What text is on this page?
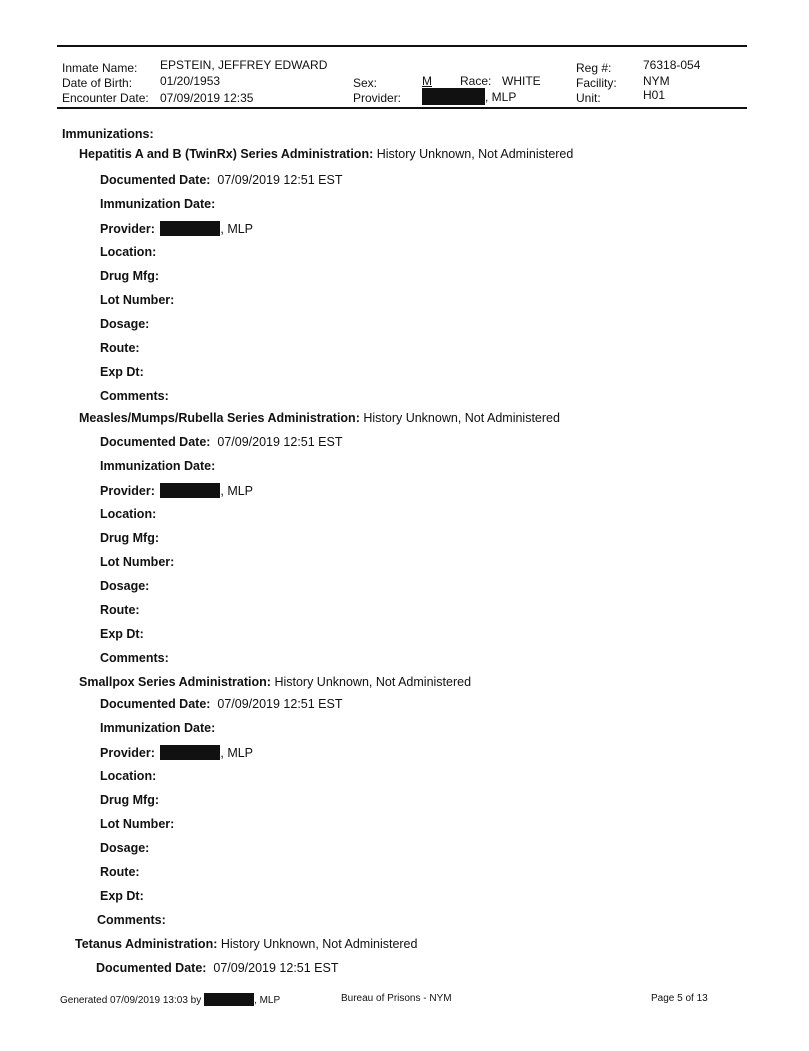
Inmate Name: EPSTEIN, JEFFREY EDWARD
Date of Birth: 01/20/1953
Encounter Date: 07/09/2019 12:35
Sex:	M Race: WHITE
Provider:	, MLP
Reg #:	76318-054
Facility: NYM
Unit:	H01
Immunizations:
Hepatitis A and B (TwinRx) Series Administration: History Unknown, Not Administered
Documented Date: 07/09/2019 12:51 EST
Immunization Date:
Provider:	, MLP
Location:
Drug Mfg:
Lot Number:
Dosage:
Route:
Exp Dt:
Comments:
Measles/Mumps/Rubella Series Administration: History Unknown, Not Administered
Documented Date: 07/09/2019 12:51 EST
Immunization Date:
Provider:	, MLP
Location:
Drug Mfg:
Lot Number:
Dosage:
Route:
Exp Dt:
Comments:
Smallpox Series Administration: History Unknown, Not Administered
Documented Date: 07/09/2019 12:51 EST
Immunization Date:
Provider:	, MLP
Location:
Drug Mfg:
Lot Number:
Dosage:
Route:
Exp Dt:
Comments:
Tetanus Administration: History Unknown, Not Administered
Documented Date: 07/09/2019 12:51 EST
Generated 07/09/2019 13:03 by	, MLP	Bureau of Prisons - NYM	Page 5 of 13
